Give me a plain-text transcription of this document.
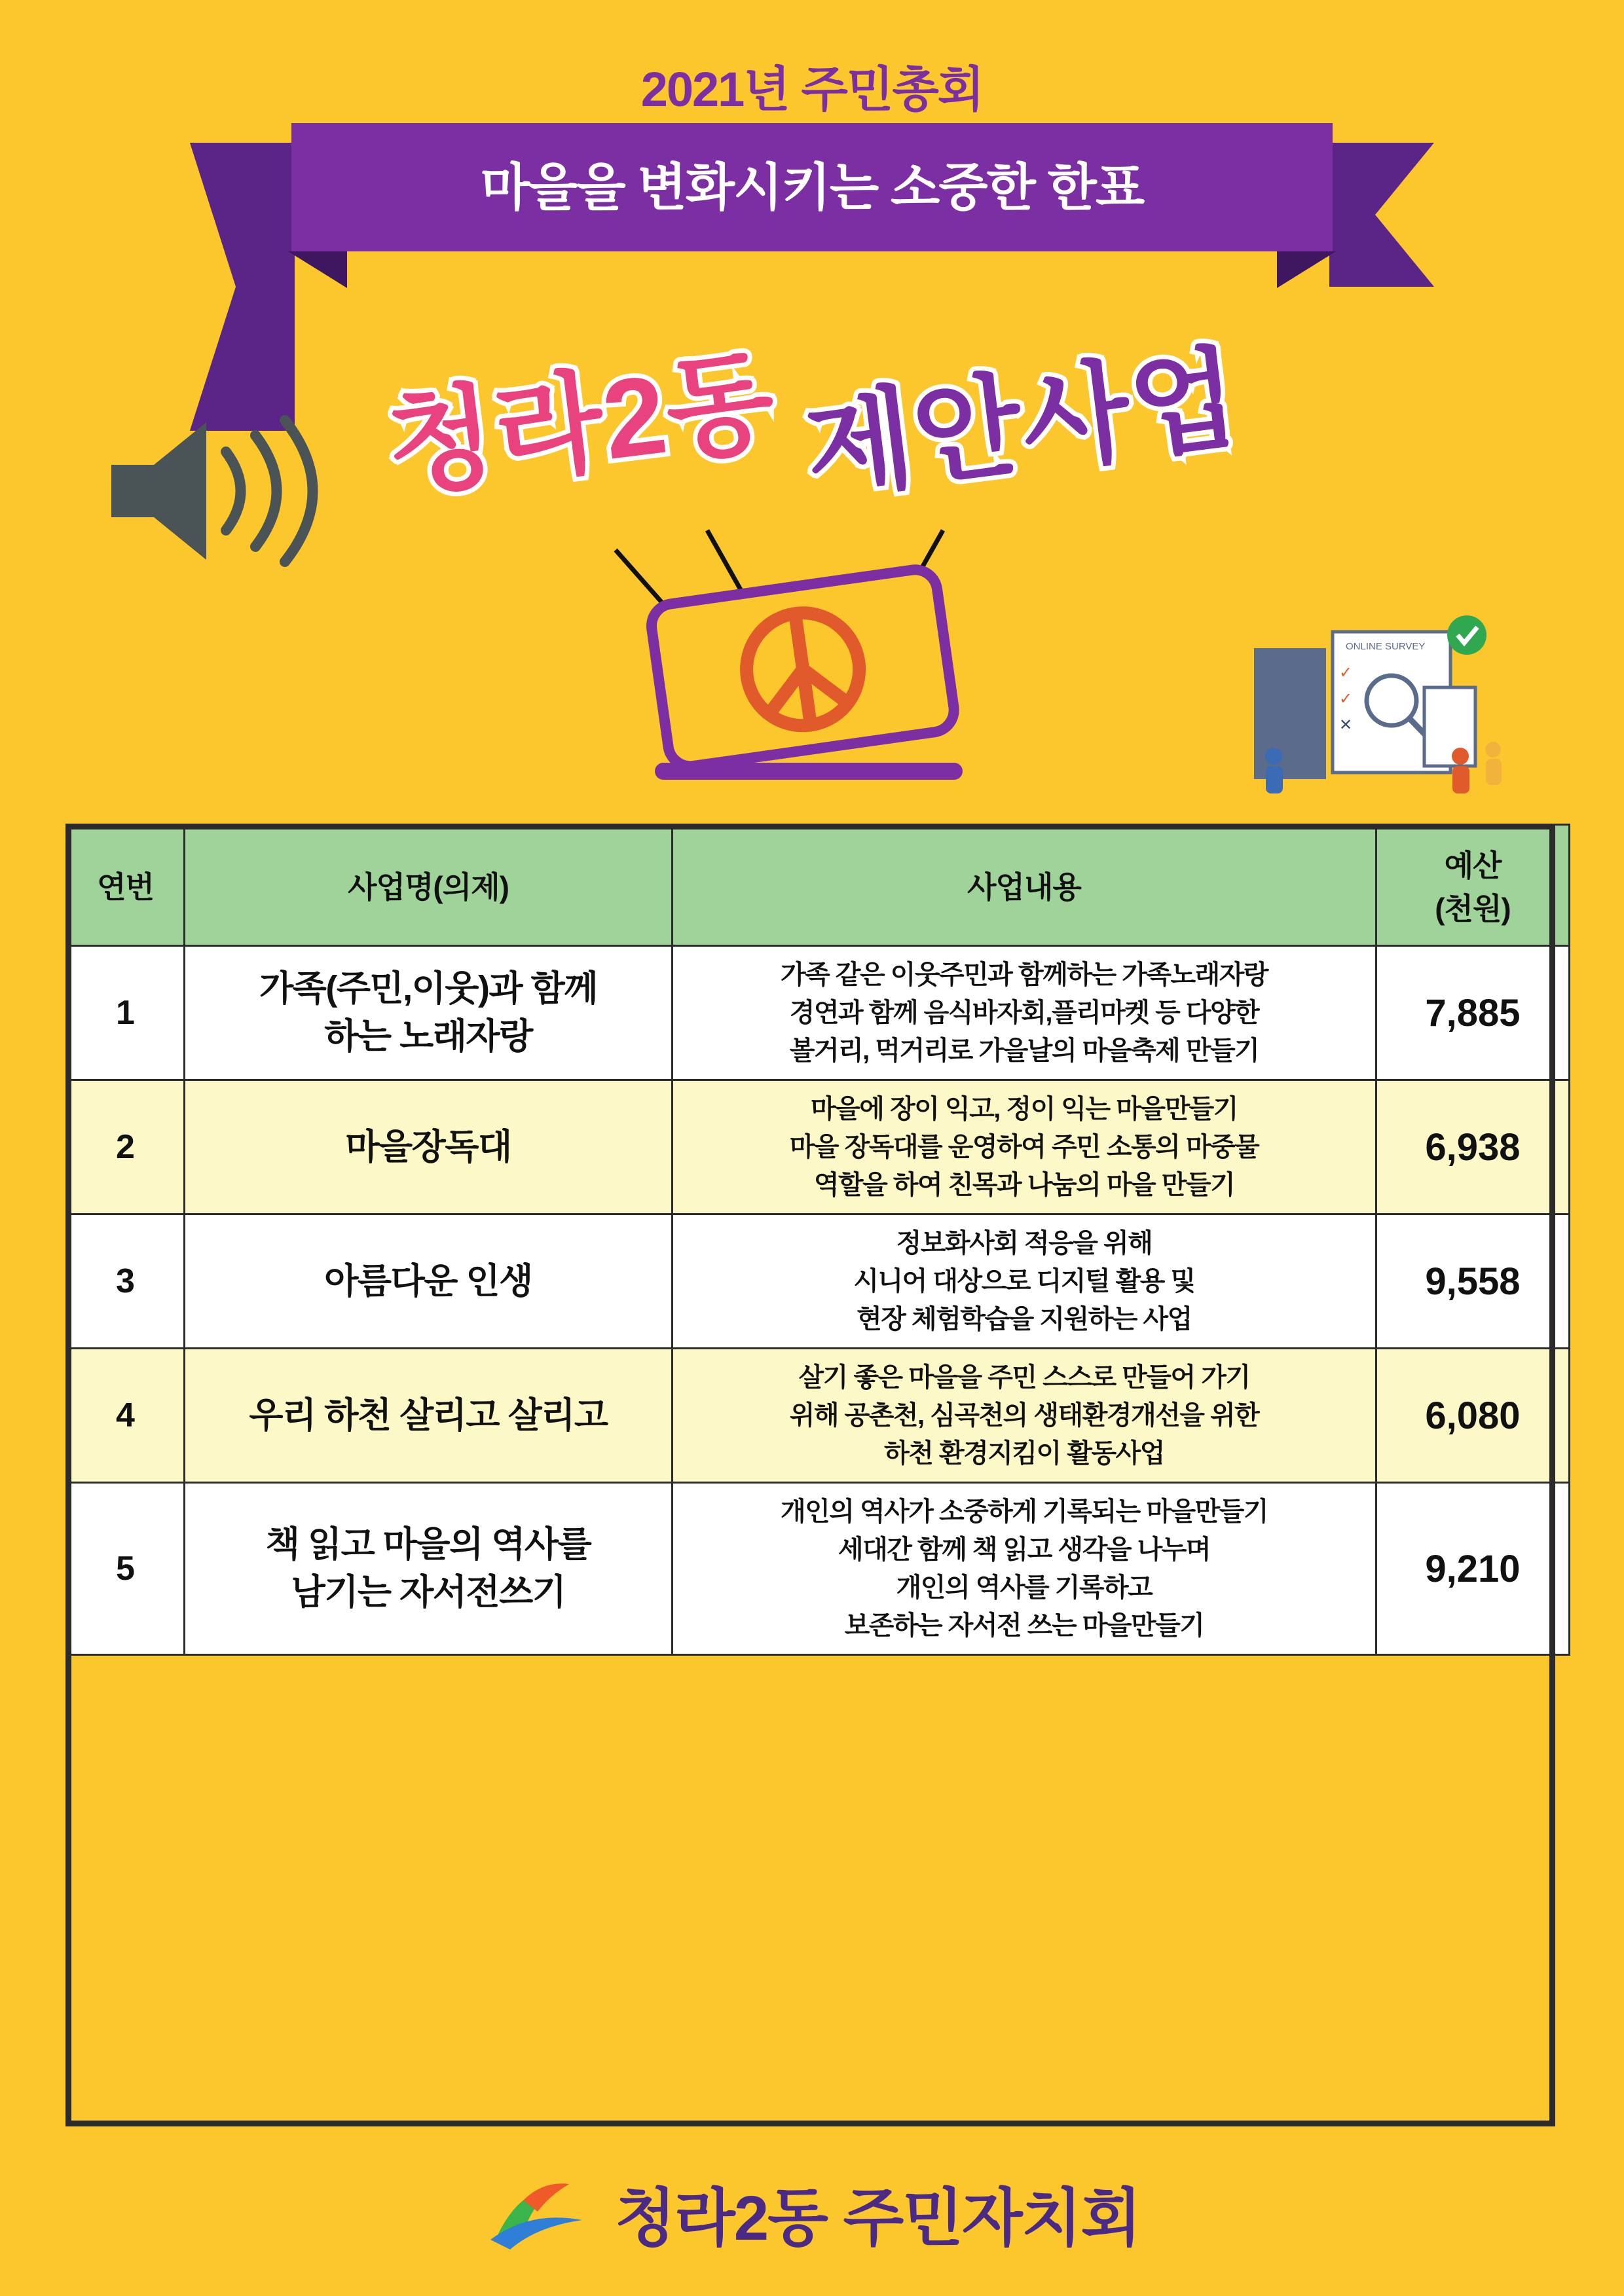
2021년 주민총회
마을을 변화시키는 소중한 한표
청라2동 제안사업
ONLINE SURVEY
✓
✓
✕
연번	사업명(의제)	사업내용	예산
(천원)

1	가족(주민,이웃)과 함께
하는 노래자랑	가족 같은 이웃주민과 함께하는 가족노래자랑
경연과 함께 음식바자회,플리마켓 등 다양한
볼거리, 먹거리로 가을날의 마을축제 만들기	7,885
2	마을장독대	마을에 장이 익고, 정이 익는 마을만들기
마을 장독대를 운영하여 주민 소통의 마중물
역할을 하여 친목과 나눔의 마을 만들기	6,938
3	아름다운 인생	정보화사회 적응을 위해
시니어 대상으로 디지털 활용 및
현장 체험학습을 지원하는 사업	9,558
4	우리 하천 살리고 살리고	살기 좋은 마을을 주민 스스로 만들어 가기
위해 공촌천, 심곡천의 생태환경개선을 위한
하천 환경지킴이 활동사업	6,080
5	책 읽고 마을의 역사를
남기는 자서전쓰기	개인의 역사가 소중하게 기록되는 마을만들기
세대간 함께 책 읽고 생각을 나누며
개인의 역사를 기록하고
보존하는 자서전 쓰는 마을만들기	9,210
청라2동 주민자치회
